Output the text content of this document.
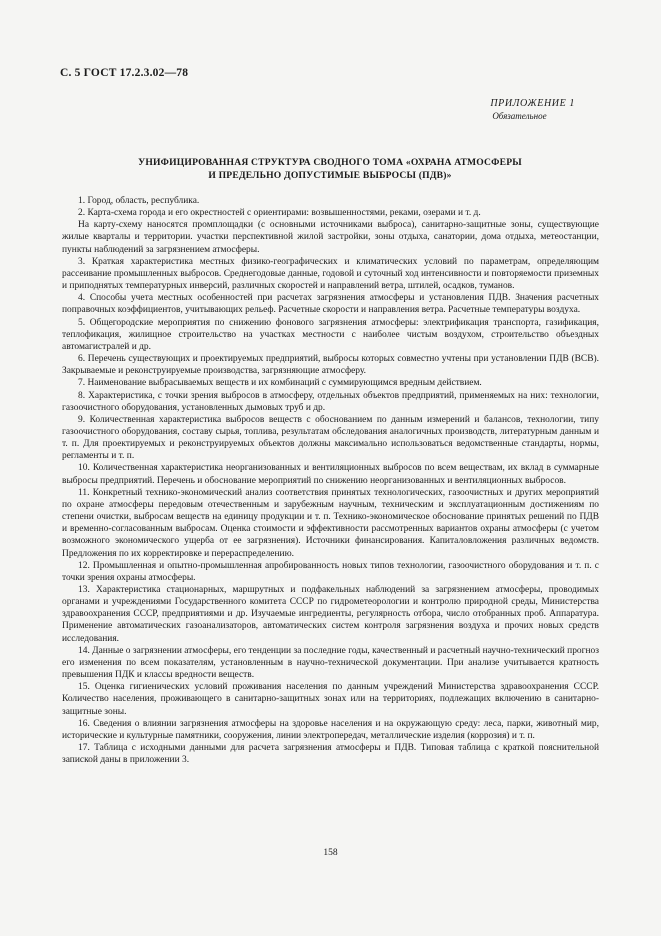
С. 5 ГОСТ 17.2.3.02—78
ПРИЛОЖЕНИЕ 1
Обязательное
УНИФИЦИРОВАННАЯ СТРУКТУРА СВОДНОГО ТОМА «ОХРАНА АТМОСФЕРЫ
И ПРЕДЕЛЬНО ДОПУСТИМЫЕ ВЫБРОСЫ (ПДВ)»

1. Город, область, республика.

2. Карта-схема города и его окрестностей с ориентирами: возвышенностями, реками, озерами и т. д.

На карту-схему наносятся промплощадки (с основными источниками выброса), санитарно-защитные зоны, существующие жилые кварталы и территории. участки перспективной жилой застройки, зоны отдыха, санатории, дома отдыха, метеостанции, пункты наблюдений за загрязнением атмосферы.

3. Краткая характеристика местных физико-географических и климатических условий по параметрам, определяющим рассеивание промышленных выбросов. Среднегодовые данные, годовой и суточный ход интенсивности и повторяемости приземных и приподнятых температурных инверсий, различных скоростей и направлений ветра, штилей, осадков, туманов.

4. Способы учета местных особенностей при расчетах загрязнения атмосферы и установления ПДВ. Значения расчетных поправочных коэффициентов, учитывающих рельеф. Расчетные скорости и направления ветра. Расчетные температуры воздуха.

5. Общегородские мероприятия по снижению фонового загрязнения атмосферы: электрификация транспорта, газификация, теплофикация, жилищное строительство на участках местности с наиболее чистым воздухом, строительство объездных автомагистралей и др.

6. Перечень существующих и проектируемых предприятий, выбросы которых совместно учтены при установлении ПДВ (ВСВ). Закрываемые и реконструируемые производства, загрязняющие атмосферу.

7. Наименование выбрасываемых веществ и их комбинаций с суммирующимся вредным действием.

8. Характеристика, с точки зрения выбросов в атмосферу, отдельных объектов предприятий, применяемых на них: технологии, газоочистного оборудования, установленных дымовых труб и др.

9. Количественная характеристика выбросов веществ с обоснованием по данным измерений и балансов, технологии, типу газоочистного оборудования, составу сырья, топлива, результатам обследования аналогичных производств, литературным данным и т. п. Для проектируемых и реконструируемых объектов должны максимально использоваться ведомственные стандарты, нормы, регламенты и т. п.

10. Количественная характеристика неорганизованных и вентиляционных выбросов по всем веществам, их вклад в суммарные выбросы предприятий. Перечень и обоснование мероприятий по снижению неорганизованных и вентиляционных выбросов.

11. Конкретный технико-экономический анализ соответствия принятых технологических, газоочистных и других мероприятий по охране атмосферы передовым отечественным и зарубежным научным, техническим и эксплуатационным достижениям по степени очистки, выбросам веществ на единицу продукции и т. п. Технико-экономическое обоснование принятых решений по ПДВ и временно-согласованным выбросам. Оценка стоимости и эффективности рассмотренных вариантов охраны атмосферы (с учетом возможного экономического ущерба от ее загрязнения). Источники финансирования. Капиталовложения различных ведомств. Предложения по их корректировке и перераспределению.

12. Промышленная и опытно-промышленная апробированность новых типов технологии, газоочистного оборудования и т. п. с точки зрения охраны атмосферы.

13. Характеристика стационарных, маршрутных и подфакельных наблюдений за загрязнением атмосферы, проводимых органами и учреждениями Государственного комитета СССР по гидрометеорологии и контролю природной среды, Министерства здравоохранения СССР, предприятиями и др. Изучаемые ингредиенты, регулярность отбора, число отобранных проб. Аппаратура. Применение автоматических газоанализаторов, автоматических систем контроля загрязнения воздуха и прочих новых средств исследования.

14. Данные о загрязнении атмосферы, его тенденции за последние годы, качественный и расчетный научно-технический прогноз его изменения по всем показателям, установленным в научно-технической документации. При анализе учитывается кратность превышения ПДК и классы вредности веществ.

15. Оценка гигиенических условий проживания населения по данным учреждений Министерства здравоохранения СССР. Количество населения, проживающего в санитарно-защитных зонах или на территориях, подлежащих включению в санитарно-защитные зоны.

16. Сведения о влиянии загрязнения атмосферы на здоровье населения и на окружающую среду: леса, парки, животный мир, исторические и культурные памятники, сооружения, линии электропередач, металлические изделия (коррозия) и т. п.

17. Таблица с исходными данными для расчета загрязнения атмосферы и ПДВ. Типовая таблица с краткой пояснительной запиской даны в приложении 3.

158
